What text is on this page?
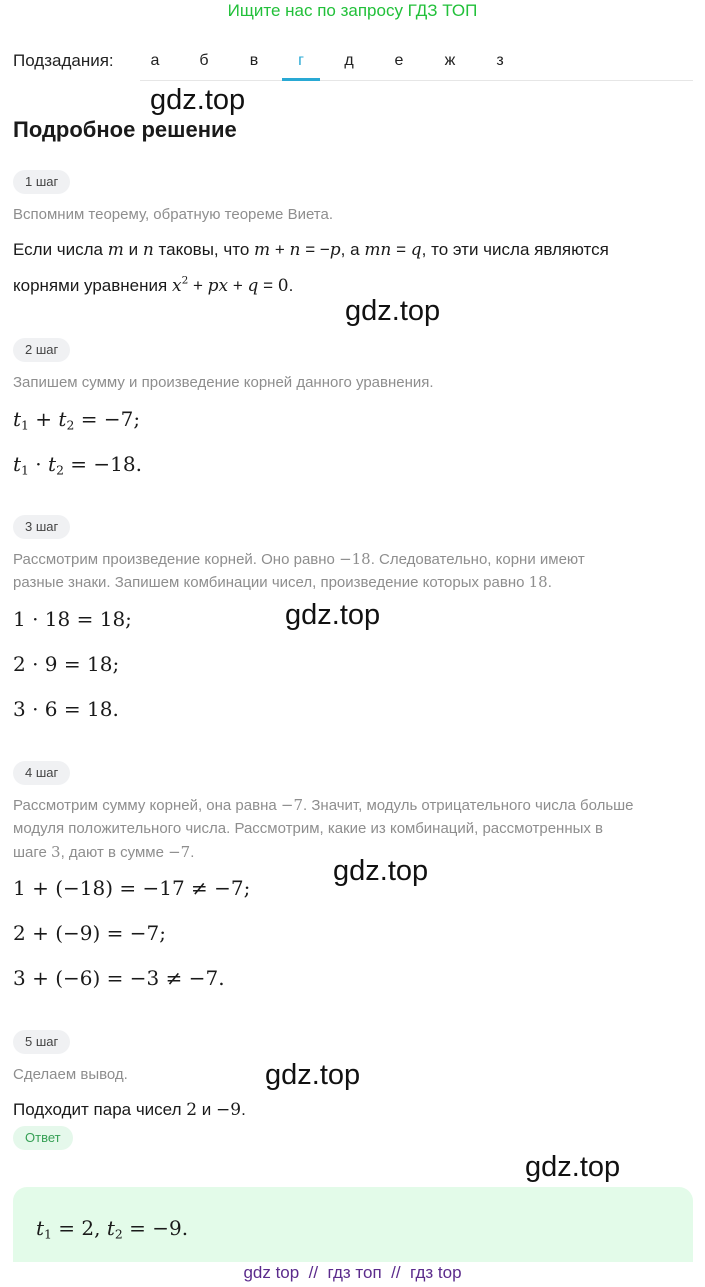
Ищите нас по запросу ГДЗ ТОП
Подзадания:	а	б	в	г	д	е	ж	з
gdz.top
gdz.top
gdz.top
gdz.top
gdz.top
gdz.top
Подробное решение
1 шаг
Вспомним теорему, обратную теореме Виета.
Если числа m и n таковы, что m + n = −p, а mn = q, то эти числа являются
корнями уравнения $x^2$ + px + q = 0.
2 шаг
Запишем сумму и произведение корней данного уравнения.
$t_1 + t_2 = -7$;
$t_1 \cdot t_2 = -18$.
3 шаг
Рассмотрим произведение корней. Оно равно −18. Следовательно, корни имеют
разные знаки. Запишем комбинации чисел, произведение которых равно 18.
1 · 18 = 18;
2 · 9 = 18;
3 · 6 = 18.
4 шаг
Рассмотрим сумму корней, она равна −7. Значит, модуль отрицательного числа больше
модуля положительного числа. Рассмотрим, какие из комбинаций, рассмотренных в
шаге 3, дают в сумме −7.
1 + (−18) = −17 ≠ −7;
2 + (−9) = −7;
3 + (−6) = −3 ≠ −7.
5 шаг
Сделаем вывод.
Подходит пара чисел 2 и −9.
Ответ
$t_1 = 2$, $t_2 = -9$.
gdz top  //  гдз топ  //  гдз top
